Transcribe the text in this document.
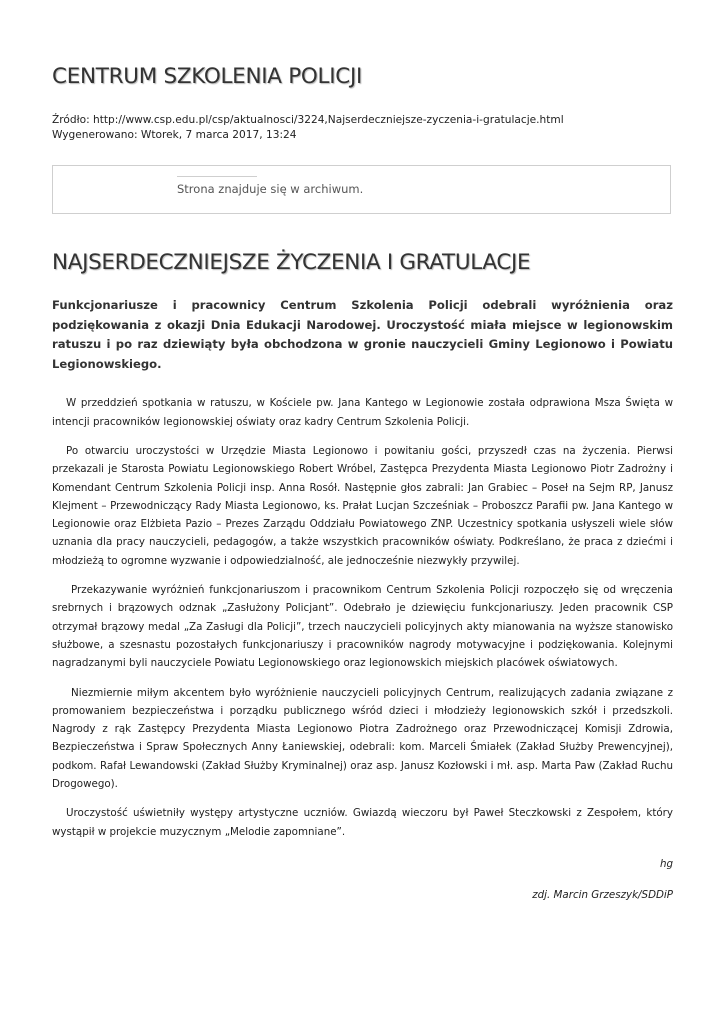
CENTRUM SZKOLENIA POLICJI
Źródło: http://www.csp.edu.pl/csp/aktualnosci/3224,Najserdeczniejsze-zyczenia-i-gratulacje.html
Wygenerowano: Wtorek, 7 marca 2017, 13:24
Strona znajduje się w archiwum.
NAJSERDECZNIEJSZE ŻYCZENIA I GRATULACJE

Funkcjonariusze i pracownicy Centrum Szkolenia Policji odebrali wyróżnienia oraz podziękowania z okazji Dnia Edukacji Narodowej. Uroczystość miała miejsce w legionowskim ratuszu i po raz dziewiąty była obchodzona w gronie nauczycieli Gminy Legionowo i Powiatu Legionowskiego.

W przeddzień spotkania w ratuszu, w Kościele pw. Jana Kantego w Legionowie została odprawiona Msza Święta w intencji pracowników legionowskiej oświaty oraz kadry Centrum Szkolenia Policji.

Po otwarciu uroczystości w Urzędzie Miasta Legionowo i powitaniu gości, przyszedł czas na życzenia. Pierwsi przekazali je Starosta Powiatu Legionowskiego Robert Wróbel, Zastępca Prezydenta Miasta Legionowo Piotr Zadrożny i Komendant Centrum Szkolenia Policji insp. Anna Rosół. Następnie głos zabrali: Jan Grabiec – Poseł na Sejm RP, Janusz Klejment – Przewodniczący Rady Miasta Legionowo, ks. Prałat Lucjan Szcześniak – Proboszcz Parafii pw. Jana Kantego w Legionowie oraz Elżbieta Pazio – Prezes Zarządu Oddziału Powiatowego ZNP. Uczestnicy spotkania usłyszeli wiele słów uznania dla pracy nauczycieli, pedagogów, a także wszystkich pracowników oświaty. Podkreślano, że praca z dziećmi i młodzieżą to ogromne wyzwanie i odpowiedzialność, ale jednocześnie niezwykły przywilej.

Przekazywanie wyróżnień funkcjonariuszom i pracownikom Centrum Szkolenia Policji rozpoczęło się od wręczenia srebrnych i brązowych odznak „Zasłużony Policjant”. Odebrało je dziewięciu funkcjonariuszy. Jeden pracownik CSP otrzymał brązowy medal „Za Zasługi dla Policji”, trzech nauczycieli policyjnych akty mianowania na wyższe stanowisko służbowe, a szesnastu pozostałych funkcjonariuszy i pracowników nagrody motywacyjne i podziękowania. Kolejnymi nagradzanymi byli nauczyciele Powiatu Legionowskiego oraz legionowskich miejskich placówek oświatowych.

Niezmiernie miłym akcentem było wyróżnienie nauczycieli policyjnych Centrum, realizujących zadania związane z promowaniem bezpieczeństwa i porządku publicznego wśród dzieci i młodzieży legionowskich szkół i przedszkoli. Nagrody z rąk Zastępcy Prezydenta Miasta Legionowo Piotra Zadrożnego oraz Przewodniczącej Komisji Zdrowia, Bezpieczeństwa i Spraw Społecznych Anny Łaniewskiej, odebrali: kom. Marceli Śmiałek (Zakład Służby Prewencyjnej), podkom. Rafał Lewandowski (Zakład Służby Kryminalnej) oraz asp. Janusz Kozłowski i mł. asp. Marta Paw (Zakład Ruchu Drogowego).

Uroczystość uświetniły występy artystyczne uczniów. Gwiazdą wieczoru był Paweł Steczkowski z Zespołem, który wystąpił w projekcie muzycznym „Melodie zapomniane”.

hg

zdj. Marcin Grzeszyk/SDDiP
